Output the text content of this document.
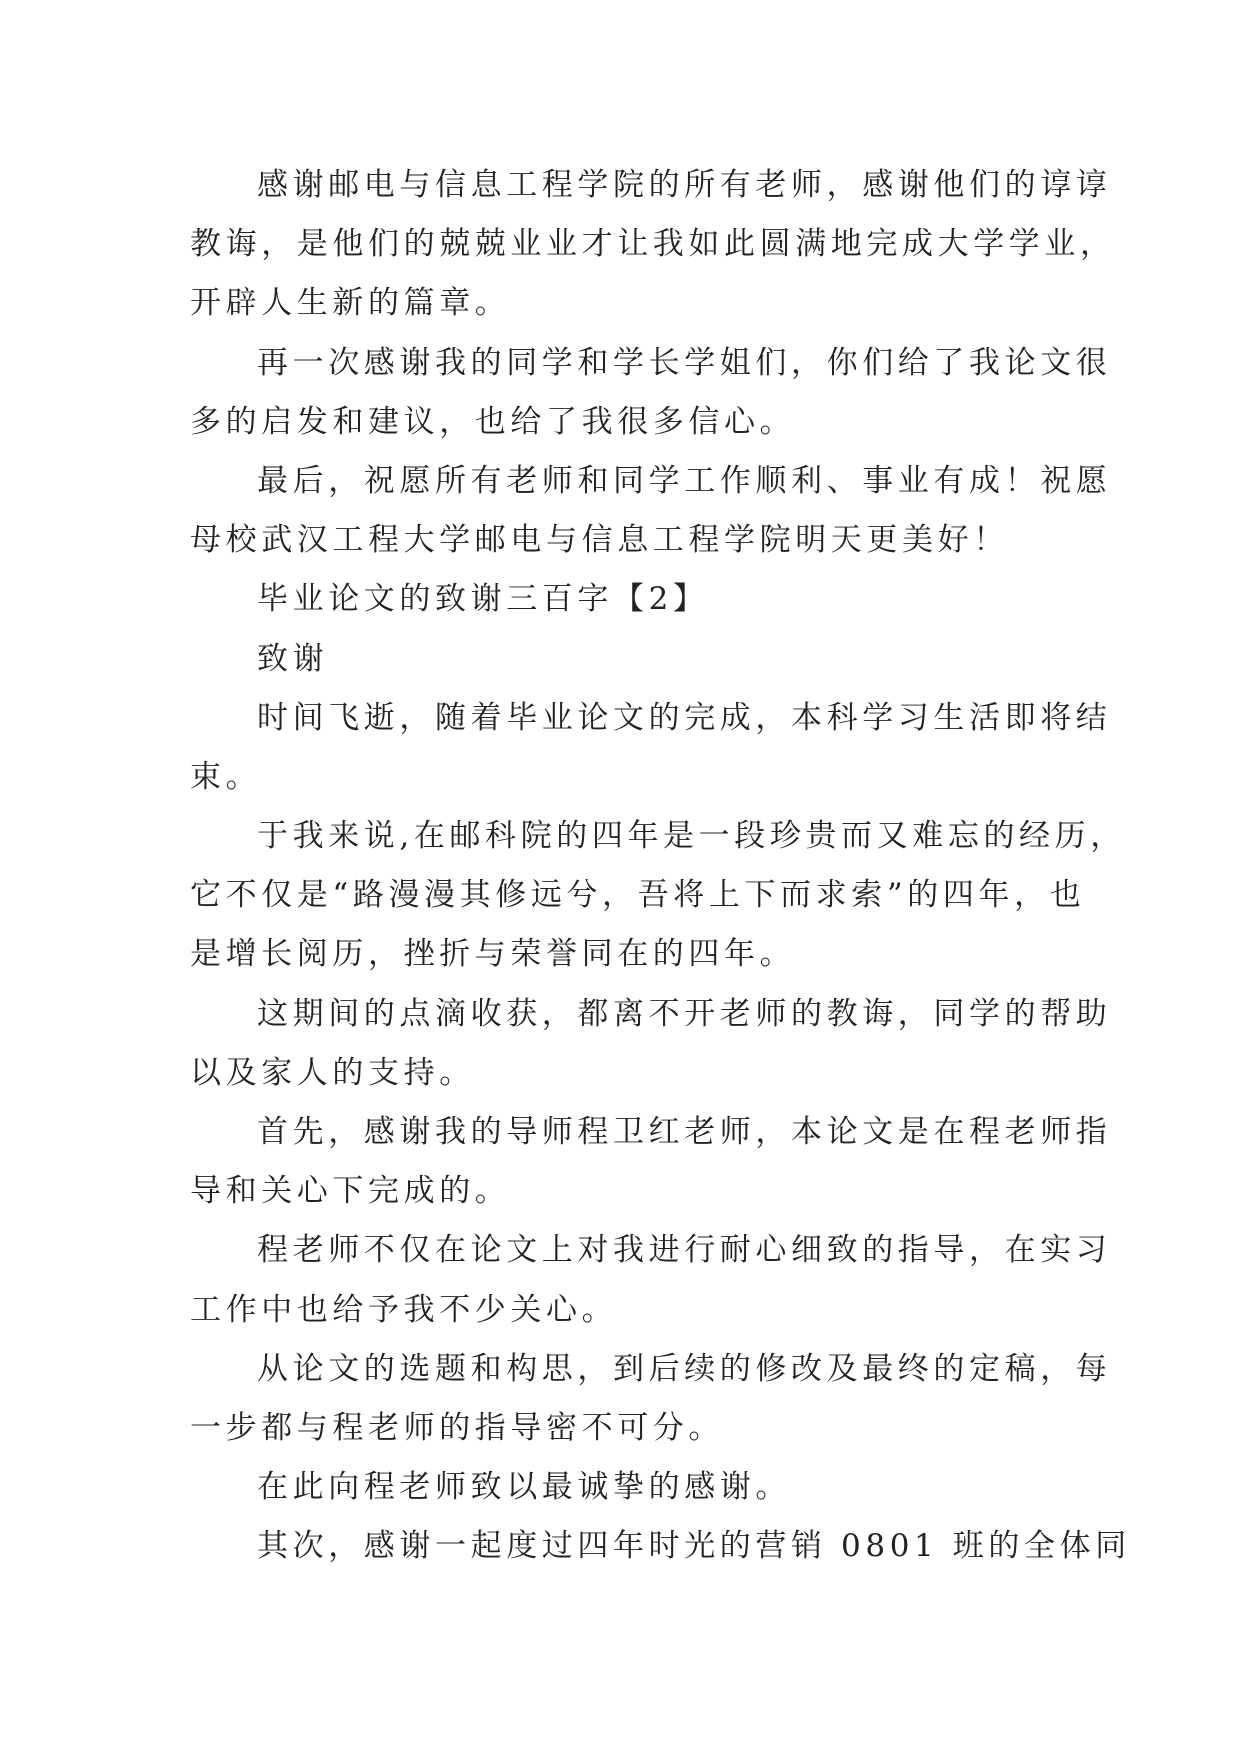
感谢邮电与信息工程学院的所有老师，感谢他们的谆谆
教诲，是他们的兢兢业业才让我如此圆满地完成大学学业，
开辟人生新的篇章。
再一次感谢我的同学和学长学姐们，你们给了我论文很
多的启发和建议，也给了我很多信心。
最后，祝愿所有老师和同学工作顺利、事业有成！祝愿
母校武汉工程大学邮电与信息工程学院明天更美好！
毕业论文的致谢三百字【2】
致谢
时间飞逝，随着毕业论文的完成，本科学习生活即将结
束。
于我来说,在邮科院的四年是一段珍贵而又难忘的经历，
它不仅是“路漫漫其修远兮，吾将上下而求索”的四年，也
是增长阅历，挫折与荣誉同在的四年。
这期间的点滴收获，都离不开老师的教诲，同学的帮助
以及家人的支持。
首先，感谢我的导师程卫红老师，本论文是在程老师指
导和关心下完成的。
程老师不仅在论文上对我进行耐心细致的指导，在实习
工作中也给予我不少关心。
从论文的选题和构思，到后续的修改及最终的定稿，每
一步都与程老师的指导密不可分。
在此向程老师致以最诚挚的感谢。
其次，感谢一起度过四年时光的营销 0801 班的全体同
